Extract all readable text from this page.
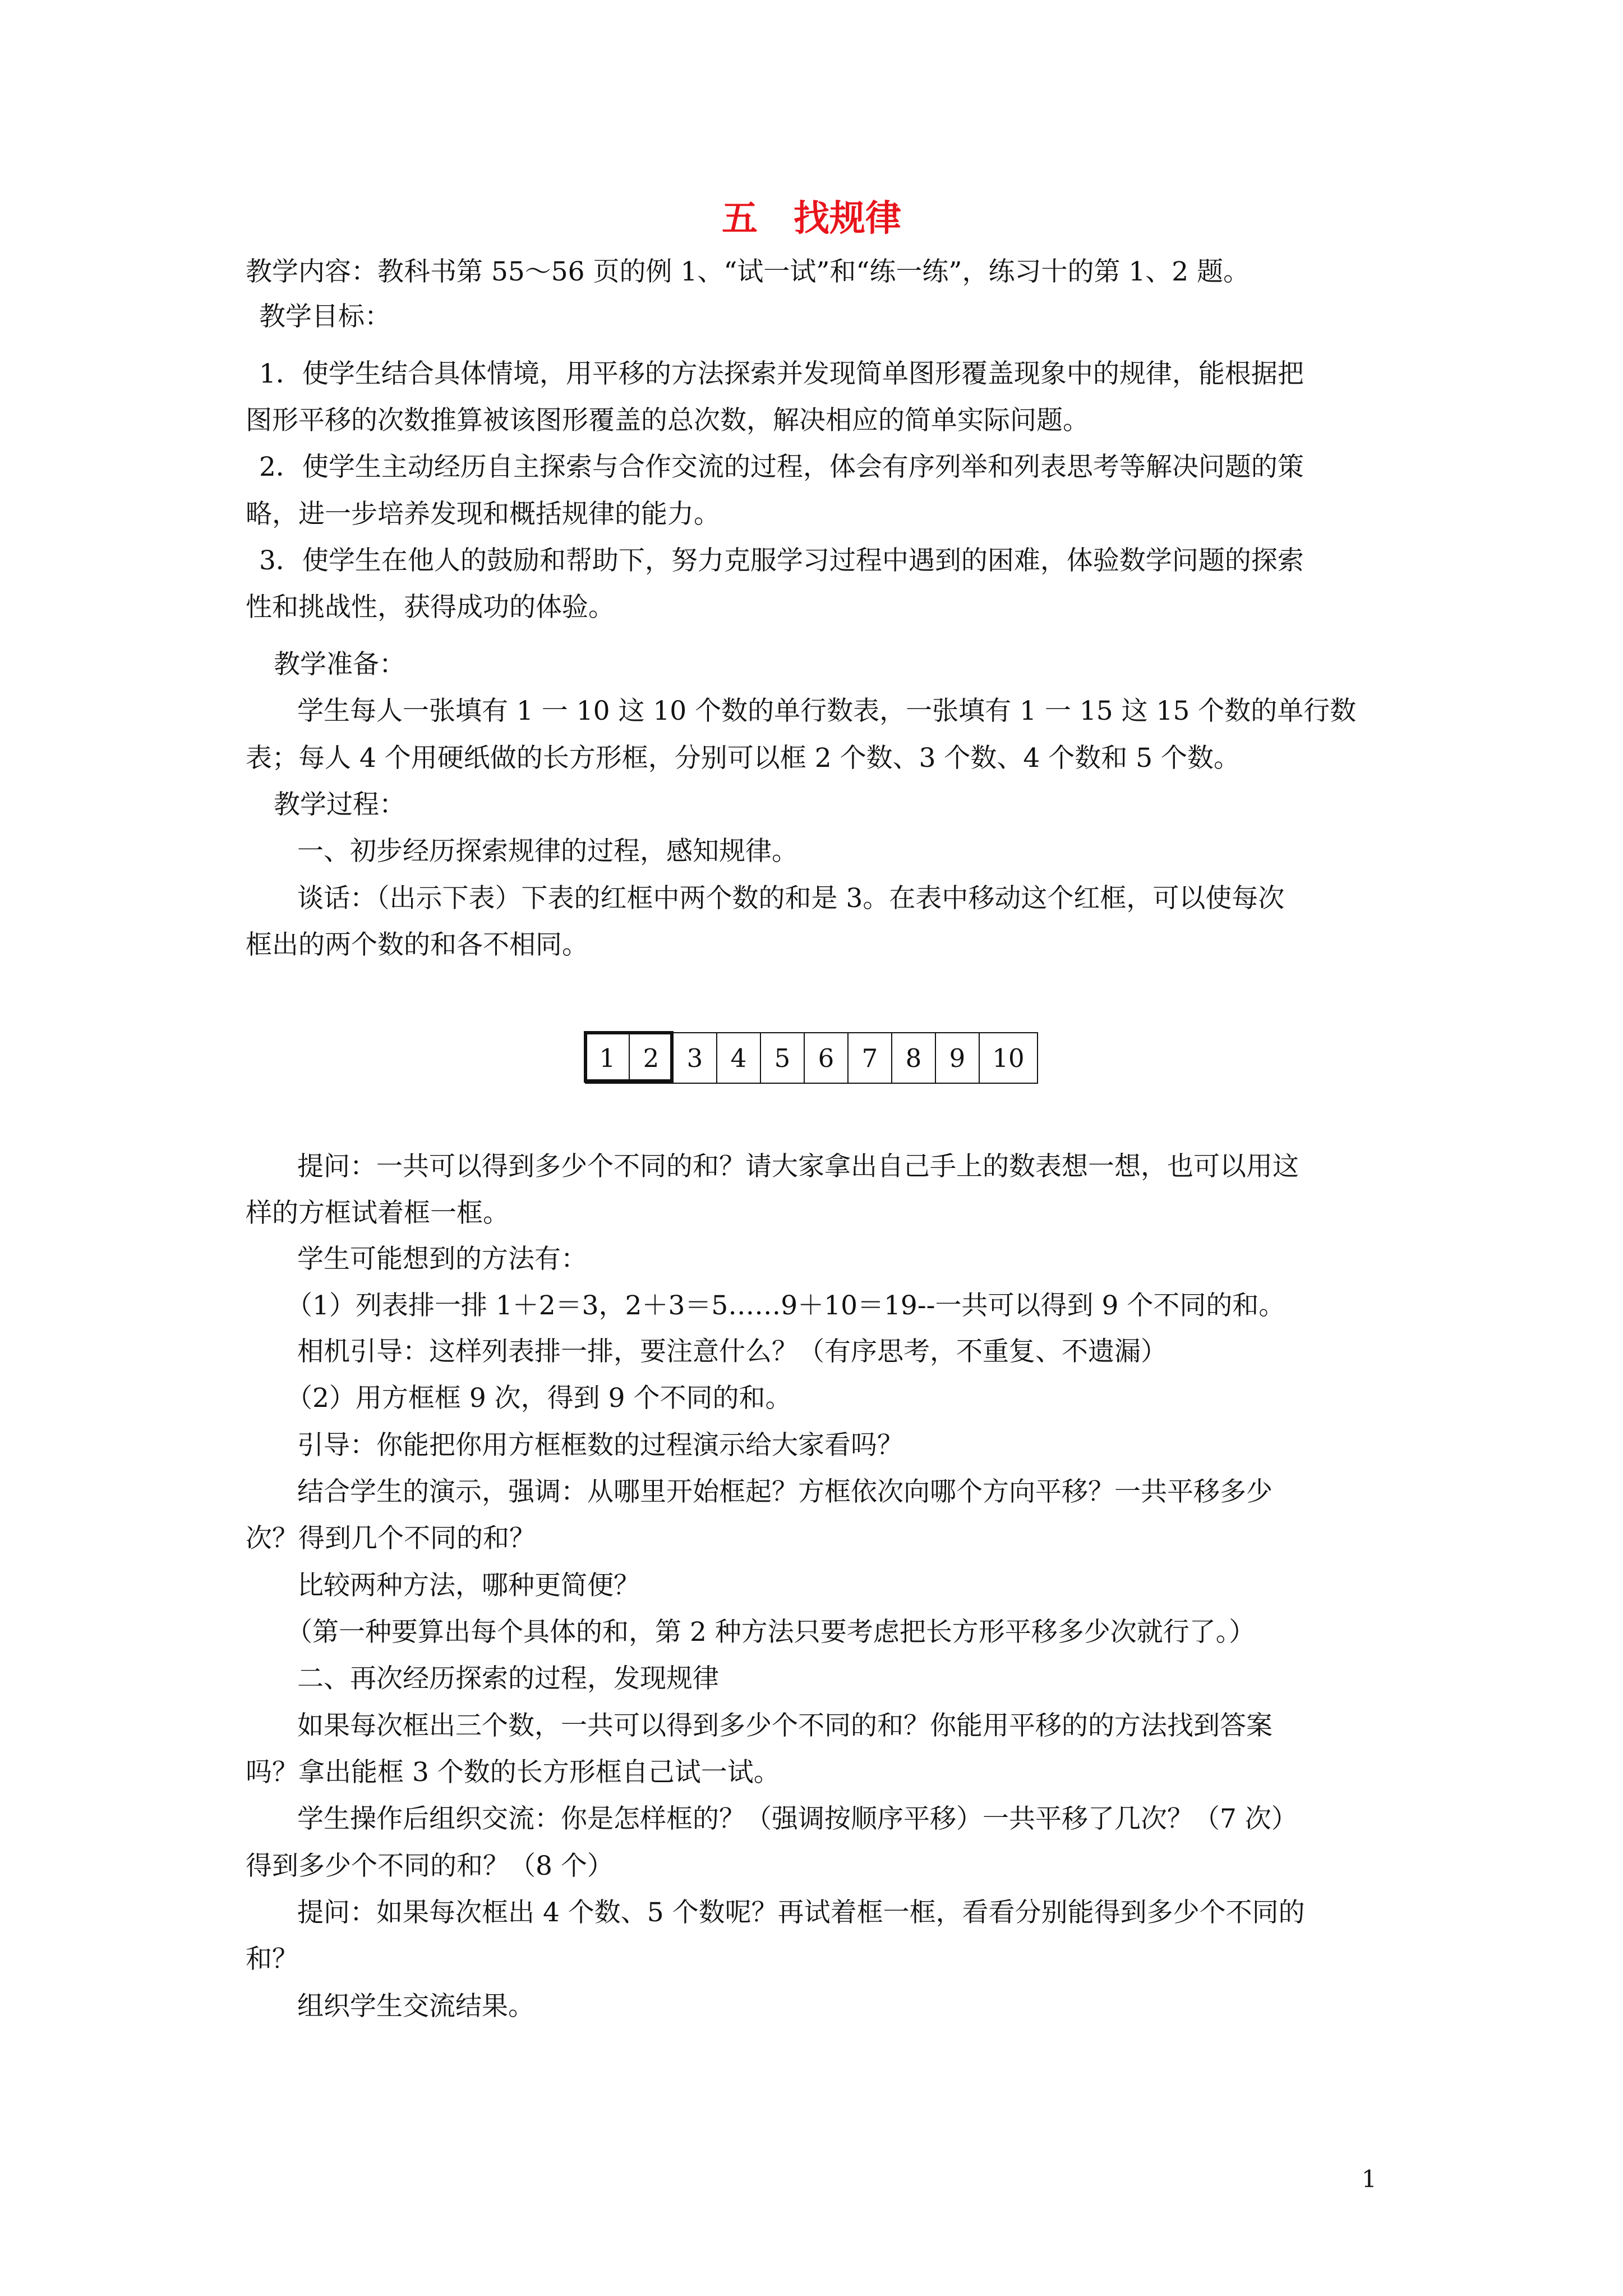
五　找规律

教学内容：教科书第 55～56 页的例 1、“试一试”和“练一练”，练习十的第 1、2 题。

教学目标：

1．使学生结合具体情境，用平移的方法探索并发现简单图形覆盖现象中的规律，能根据把

图形平移的次数推算被该图形覆盖的总次数，解决相应的简单实际问题。

2．使学生主动经历自主探索与合作交流的过程，体会有序列举和列表思考等解决问题的策

略，进一步培养发现和概括规律的能力。

3．使学生在他人的鼓励和帮助下，努力克服学习过程中遇到的困难，体验数学问题的探索

性和挑战性，获得成功的体验。

教学准备：

学生每人一张填有 1 一 10 这 10 个数的单行数表，一张填有 1 一 15 这 15 个数的单行数

表；每人 4 个用硬纸做的长方形框，分别可以框 2 个数、3 个数、4 个数和 5 个数。

教学过程：

一、初步经历探索规律的过程，感知规律。

谈话：（出示下表）下表的红框中两个数的和是 3。在表中移动这个红框，可以使每次

框出的两个数的和各不相同。

1	2	3	4	5	6	7	8	9	10

提问：一共可以得到多少个不同的和？请大家拿出自己手上的数表想一想，也可以用这

样的方框试着框一框。

学生可能想到的方法有：

（1）列表排一排 1＋2＝3，2＋3＝5……9＋10＝19--一共可以得到 9 个不同的和。

相机引导：这样列表排一排，要注意什么？（有序思考，不重复、不遗漏）

（2）用方框框 9 次，得到 9 个不同的和。

引导：你能把你用方框框数的过程演示给大家看吗？

结合学生的演示，强调：从哪里开始框起？方框依次向哪个方向平移？一共平移多少

次？得到几个不同的和？

比较两种方法，哪种更简便？

（第一种要算出每个具体的和，第 2 种方法只要考虑把长方形平移多少次就行了。）

二、再次经历探索的过程，发现规律

如果每次框出三个数，一共可以得到多少个不同的和？你能用平移的的方法找到答案

吗？拿出能框 3 个数的长方形框自己试一试。

学生操作后组织交流：你是怎样框的？（强调按顺序平移）一共平移了几次？（7 次）

得到多少个不同的和？（8 个）

提问：如果每次框出 4 个数、5 个数呢？再试着框一框，看看分别能得到多少个不同的

和？

组织学生交流结果。

1
